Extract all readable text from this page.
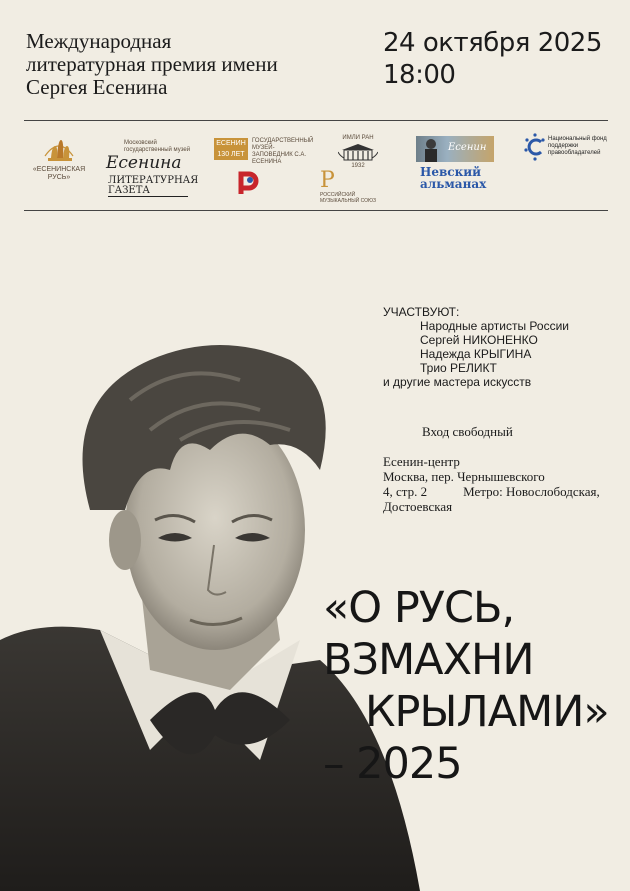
Международная
литературная премия имени
Сергея Есенина
24 октября 2025
18:00
«ЕСЕНИНСКАЯ РУСЬ»
Московский государственный музей
Есенина
ЕСЕНИН 130 ЛЕТ
ГОСУДАРСТВЕННЫЙ МУЗЕЙ-ЗАПОВЕДНИК С.А. ЕСЕНИНА
ИМЛИ РАН
1932
Есенин
Национальный фонд поддержки правообладателей
ЛИТЕРАТУРНАЯ ГАЗЕТА	Р
РОССИЙСКИЙ МУЗЫКАЛЬНЫЙ СОЮЗ
Невский альманах
УЧАСТВУЮТ:
Народные артисты России
Сергей НИКОНЕНКО
Надежда КРЫГИНА
Трио РЕЛИКТ
и другие мастера искусств
Вход свободный
Есенин-центр
Москва, пер. Чернышевского
4, стр. 2	Метро: Новослободская,
Достоевская
«О РУСЬ,
ВЗМАХНИ
КРЫЛАМИ»
– 2025
